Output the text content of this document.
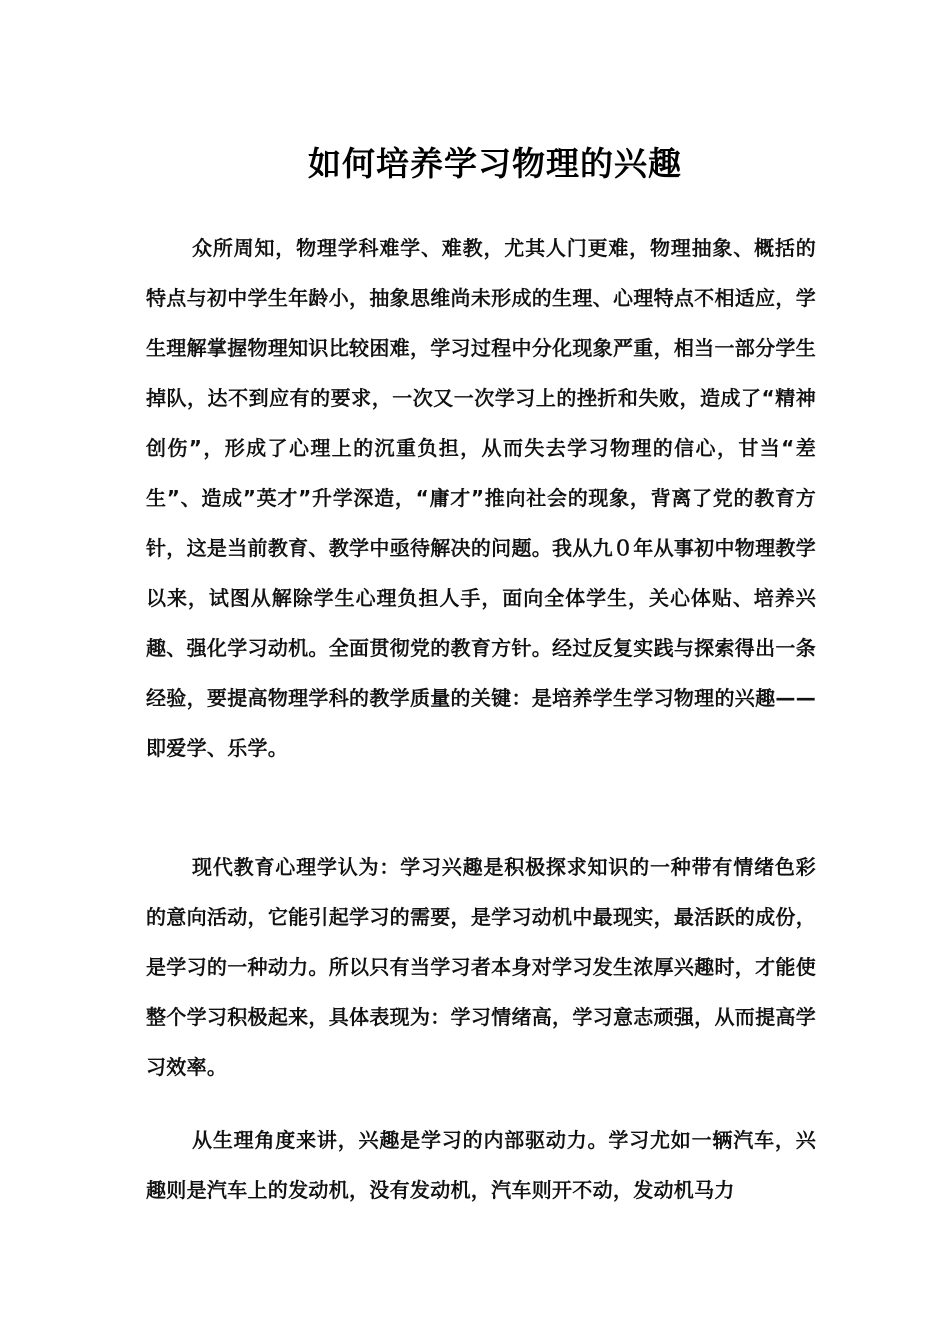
如何培养学习物理的兴趣

众所周知，物理学科难学、难教，尤其人门更难，物理抽象、概括的特点与初中学生年龄小，抽象思维尚未形成的生理、心理特点不相适应，学生理解掌握物理知识比较困难，学习过程中分化现象严重，相当一部分学生掉队，达不到应有的要求，一次又一次学习上的挫折和失败，造成了“精神创伤”，形成了心理上的沉重负担，从而失去学习物理的信心，甘当“差生”、造成”英才”升学深造，“庸才”推向社会的现象，背离了党的教育方针，这是当前教育、教学中亟待解决的问题。我从九０年从事初中物理教学以来，试图从解除学生心理负担人手，面向全体学生，关心体贴、培养兴趣、强化学习动机。全面贯彻党的教育方针。经过反复实践与探索得出一条经验，要提高物理学科的教学质量的关键：是培养学生学习物理的兴趣——即爱学、乐学。

现代教育心理学认为：学习兴趣是积极探求知识的一种带有情绪色彩的意向活动，它能引起学习的需要，是学习动机中最现实，最活跃的成份，是学习的一种动力。所以只有当学习者本身对学习发生浓厚兴趣时，才能使整个学习积极起来，具体表现为：学习情绪高，学习意志顽强，从而提高学习效率。

从生理角度来讲，兴趣是学习的内部驱动力。学习尤如一辆汽车，兴趣则是汽车上的发动机，没有发动机，汽车则开不动，发动机马力
